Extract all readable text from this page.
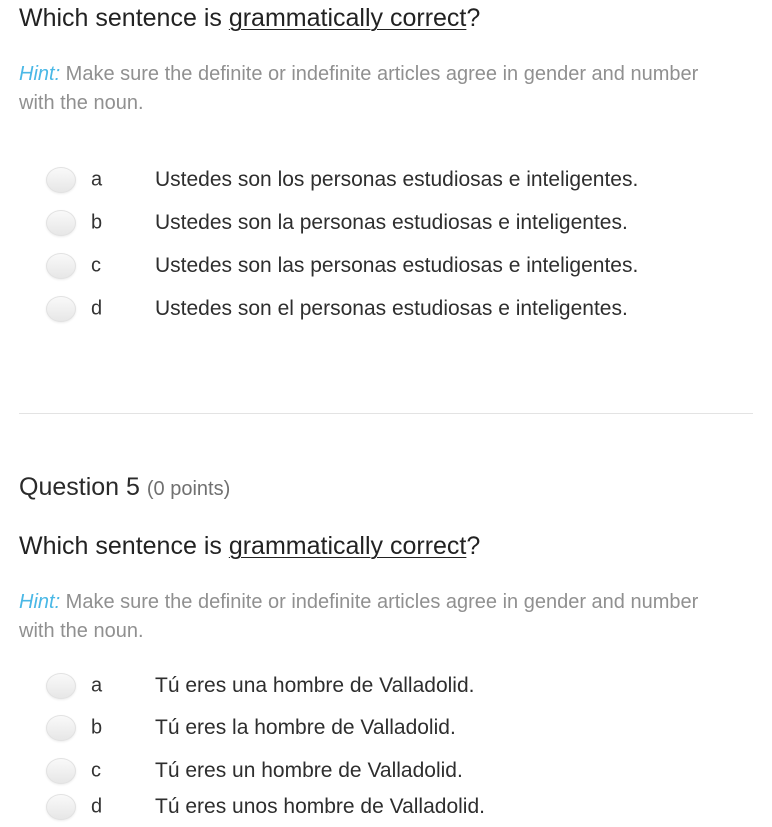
Which sentence is grammatically correct?
Hint: Make sure the definite or indefinite articles agree in gender and number with the noun.
a	Ustedes son los personas estudiosas e inteligentes.
b	Ustedes son la personas estudiosas e inteligentes.
c	Ustedes son las personas estudiosas e inteligentes.
d	Ustedes son el personas estudiosas e inteligentes.
Question 5 (0 points)
Which sentence is grammatically correct?
Hint: Make sure the definite or indefinite articles agree in gender and number with the noun.
a	Tú eres una hombre de Valladolid.
b	Tú eres la hombre de Valladolid.
c	Tú eres un hombre de Valladolid.
d	Tú eres unos hombre de Valladolid.
